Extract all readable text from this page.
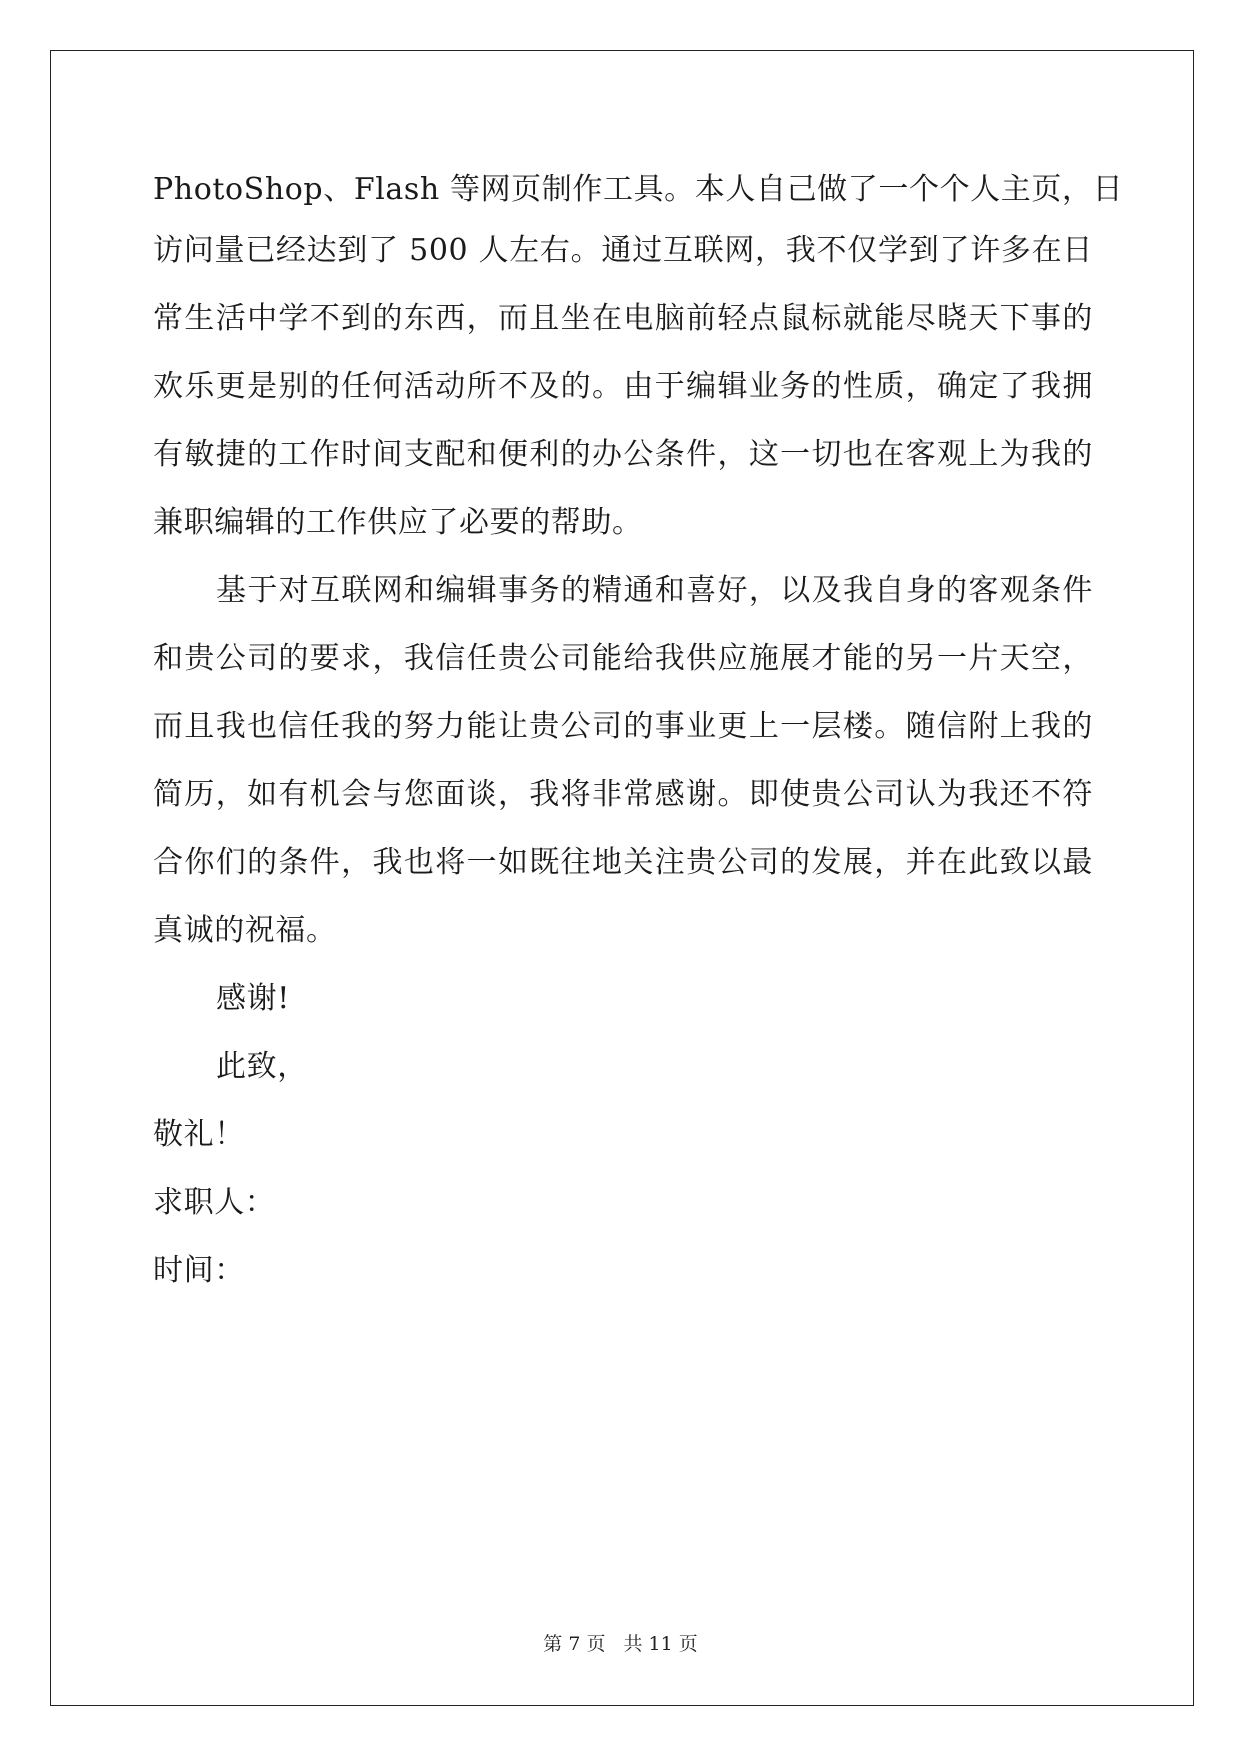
PhotoShop、Flash 等网页制作工具。本人自己做了一个个人主页，日
访问量已经达到了 500 人左右。通过互联网，我不仅学到了许多在日
常生活中学不到的东西，而且坐在电脑前轻点鼠标就能尽晓天下事的
欢乐更是别的任何活动所不及的。由于编辑业务的性质，确定了我拥
有敏捷的工作时间支配和便利的办公条件，这一切也在客观上为我的
兼职编辑的工作供应了必要的帮助。
基于对互联网和编辑事务的精通和喜好，以及我自身的客观条件
和贵公司的要求，我信任贵公司能给我供应施展才能的另一片天空，
而且我也信任我的努力能让贵公司的事业更上一层楼。随信附上我的
简历，如有机会与您面谈，我将非常感谢。即使贵公司认为我还不符
合你们的条件，我也将一如既往地关注贵公司的发展，并在此致以最
真诚的祝福。
感谢!
此致，
敬礼！
求职人：
时间：
第 7 页 共 11 页
